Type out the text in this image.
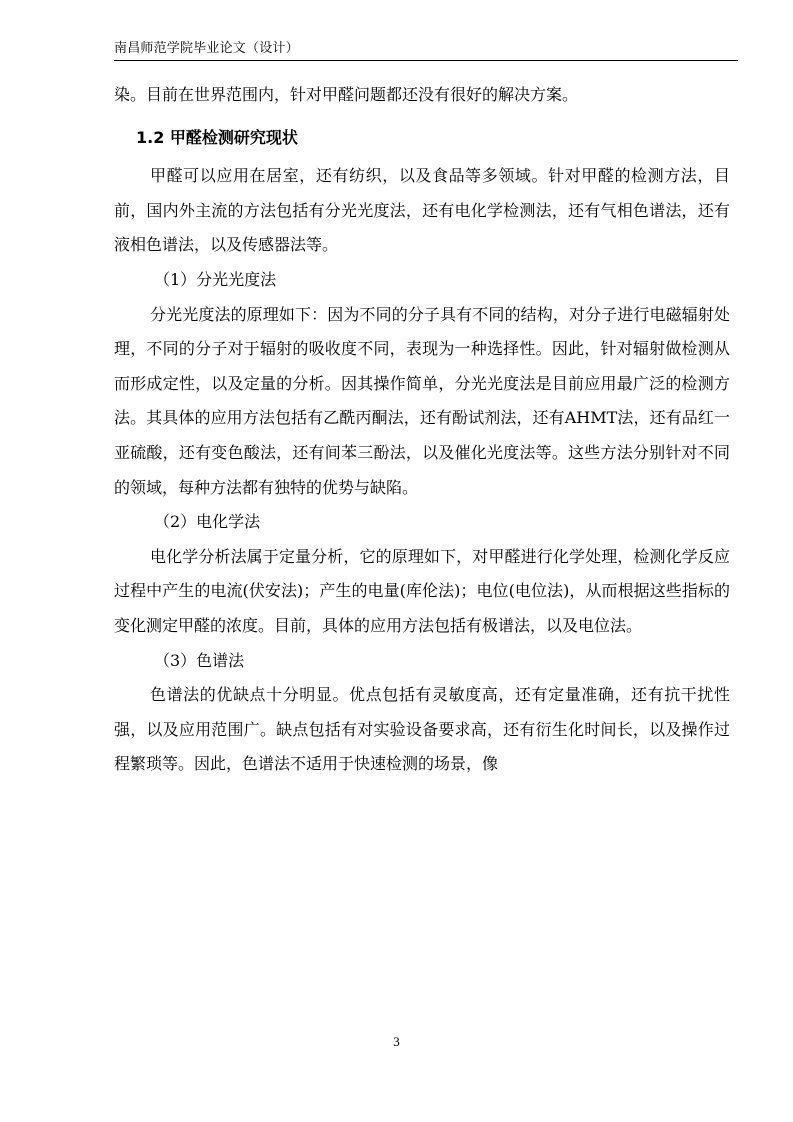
南昌师范学院毕业论文（设计）

染。目前在世界范围内，针对甲醛问题都还没有很好的解决方案。

1.2 甲醛检测研究现状

甲醛可以应用在居室，还有纺织，以及食品等多领域。针对甲醛的检测方法，目前，国内外主流的方法包括有分光光度法，还有电化学检测法，还有气相色谱法，还有液相色谱法，以及传感器法等。

（1）分光光度法

分光光度法的原理如下：因为不同的分子具有不同的结构，对分子进行电磁辐射处理，不同的分子对于辐射的吸收度不同，表现为一种选择性。因此，针对辐射做检测从而形成定性，以及定量的分析。因其操作简单，分光光度法是目前应用最广泛的检测方法。其具体的应用方法包括有乙酰丙酮法，还有酚试剂法，还有AHMT法，还有品红一亚硫酸，还有变色酸法，还有间苯三酚法，以及催化光度法等。这些方法分别针对不同的领域，每种方法都有独特的优势与缺陷。

（2）电化学法

电化学分析法属于定量分析，它的原理如下，对甲醛进行化学处理，检测化学反应过程中产生的电流(伏安法)；产生的电量(库伦法)；电位(电位法)，从而根据这些指标的变化测定甲醛的浓度。目前，具体的应用方法包括有极谱法，以及电位法。

（3）色谱法

色谱法的优缺点十分明显。优点包括有灵敏度高，还有定量准确，还有抗干扰性强，以及应用范围广。缺点包括有对实验设备要求高，还有衍生化时间长，以及操作过程繁琐等。因此，色谱法不适用于快速检测的场景，像

3
